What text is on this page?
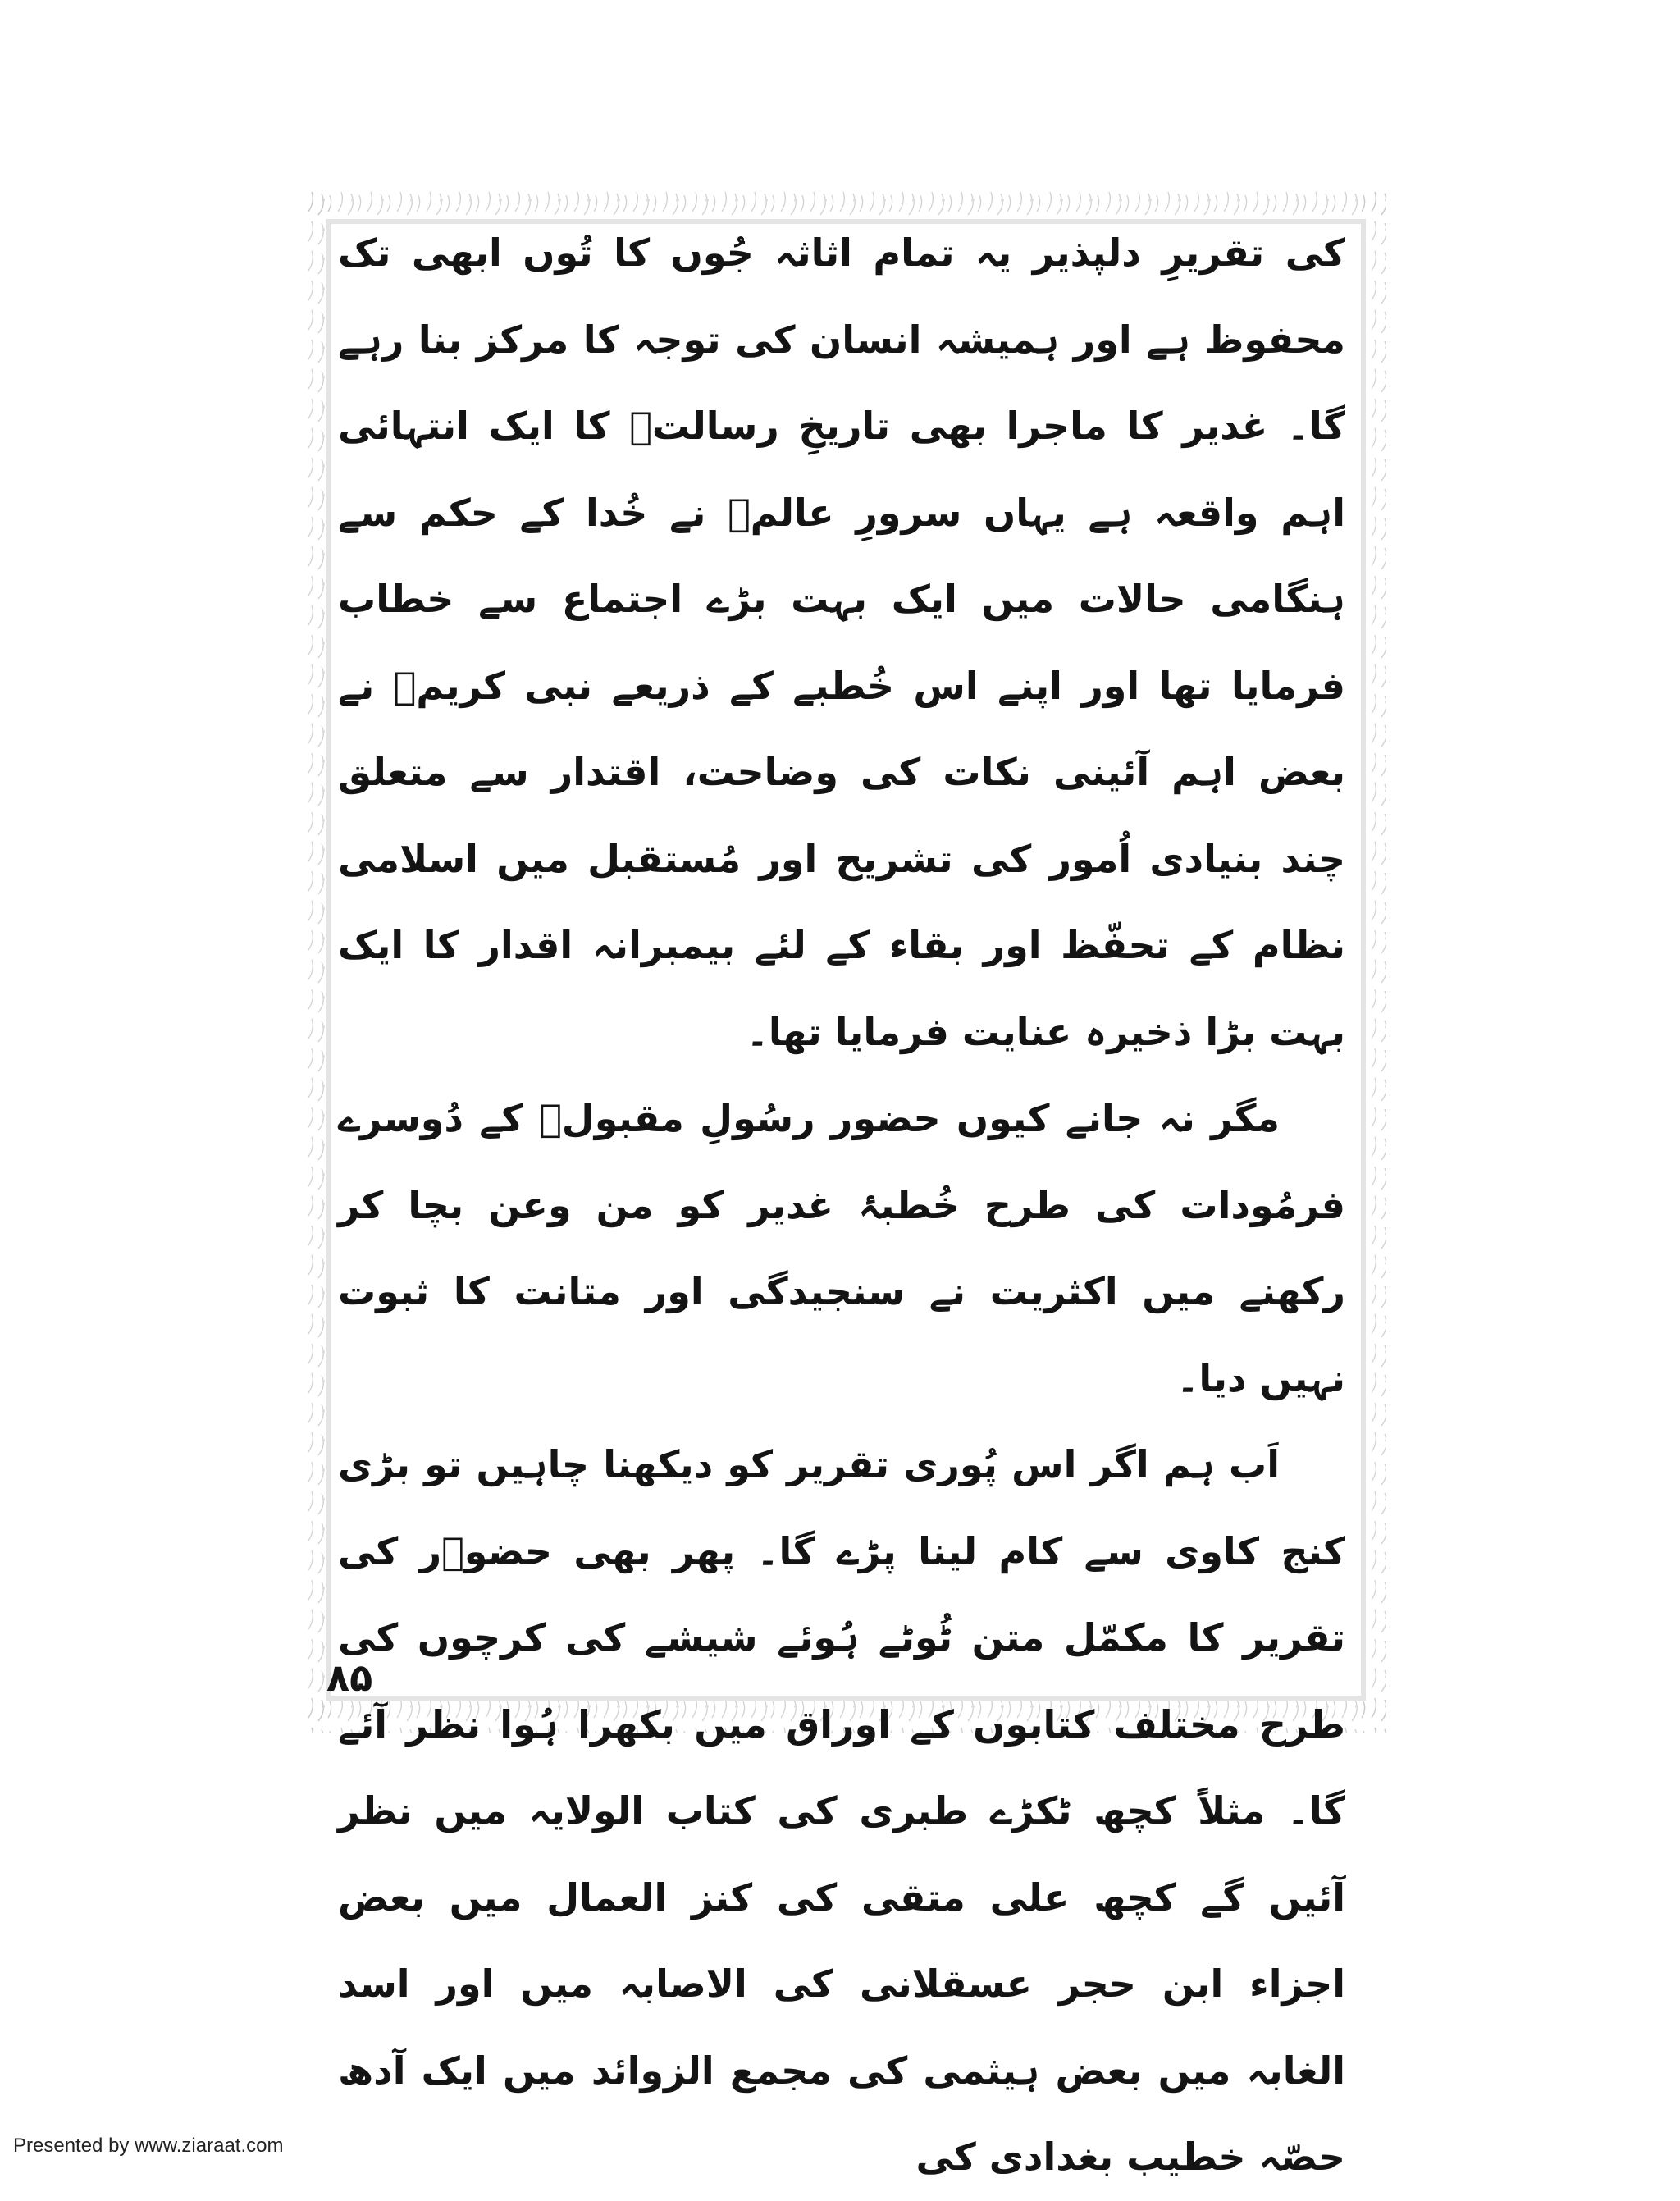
کی تقریرِ دلپذیر یہ تمام اثاثہ جُوں کا تُوں ابھی تک محفوظ ہے اور ہمیشہ انسان کی توجہ کا مرکز بنا رہے گا۔ غدیر کا ماجرا بھی تاریخِ رسالتؐ کا ایک انتہائی اہم واقعہ ہے یہاں سرورِ عالمؐ نے خُدا کے حکم سے ہنگامی حالات میں ایک بہت بڑے اجتماع سے خطاب فرمایا تھا اور اپنے اس خُطبے کے ذریعے نبی کریمؐ نے بعض اہم آئینی نکات کی وضاحت، اقتدار سے متعلق چند بنیادی اُمور کی تشریح اور مُستقبل میں اسلامی نظام کے تحفّظ اور بقاء کے لئے بیمبرانہ اقدار کا ایک بہت بڑا ذخیرہ عنایت فرمایا تھا۔

مگر نہ جانے کیوں حضور رسُولِ مقبولؐ کے دُوسرے فرمُودات کی طرح خُطبۂ غدیر کو من وعن بچا کر رکھنے میں اکثریت نے سنجیدگی اور متانت کا ثبوت نہیں دیا۔

اَب ہم اگر اس پُوری تقریر کو دیکھنا چاہیں تو بڑی کنج کاوی سے کام لینا پڑے گا۔ پھر بھی حضوؐر کی تقریر کا مکمّل متن ٹُوٹے ہُوئے شیشے کی کرچوں کی طرح مختلف کتابوں کے اوراق میں بکھرا ہُوا نظر آئے گا۔ مثلاً کچھ ٹکڑے طبری کی کتاب الولایہ میں نظر آئیں گے کچھ علی متقی کی کنز العمال میں بعض اجزاء ابن حجر عسقلانی کی الاصابہ میں اور اسد الغابہ میں بعض ہیثمی کی مجمع الزوائد میں ایک آدھ حصّہ خطیب بغدادی کی

۸۵
Presented by www.ziaraat.com
